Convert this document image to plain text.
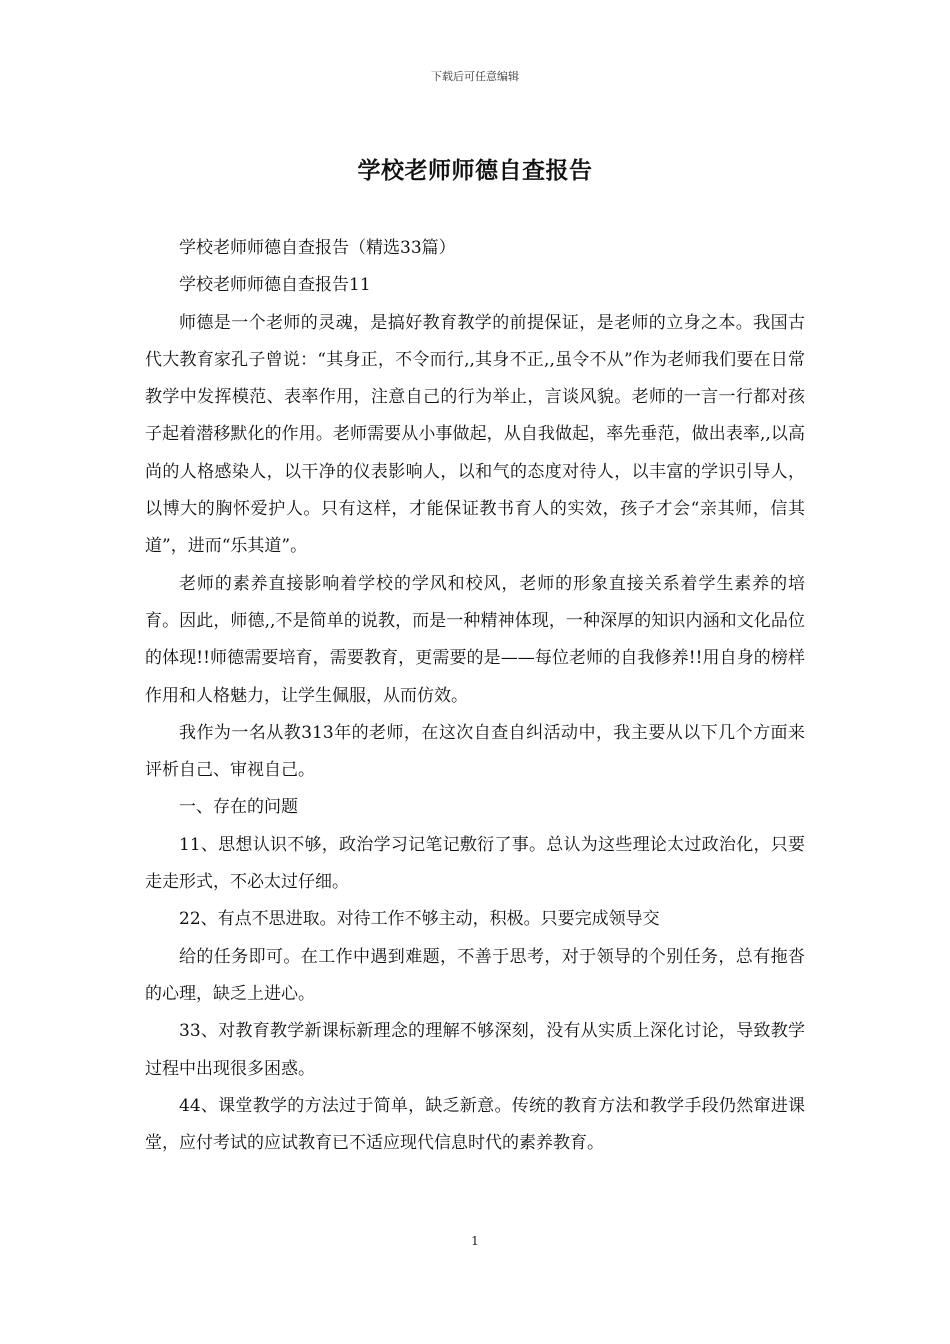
下载后可任意编辑
学校老师师德自查报告

学校老师师德自查报告（精选33篇）

学校老师师德自查报告11

师德是一个老师的灵魂，是搞好教育教学的前提保证，是老师的立身之本。我国古代大教育家孔子曾说：“其身正，不令而行,,其身不正,,虽令不从”作为老师我们要在日常教学中发挥模范、表率作用，注意自己的行为举止，言谈风貌。老师的一言一行都对孩子起着潜移默化的作用。老师需要从小事做起，从自我做起，率先垂范，做出表率,,以高尚的人格感染人，以干净的仪表影响人，以和气的态度对待人，以丰富的学识引导人，以博大的胸怀爱护人。只有这样，才能保证教书育人的实效，孩子才会“亲其师，信其道”，进而“乐其道”。

老师的素养直接影响着学校的学风和校风，老师的形象直接关系着学生素养的培育。因此，师德,,不是简单的说教，而是一种精神体现，一种深厚的知识内涵和文化品位的体现!!师德需要培育，需要教育，更需要的是——每位老师的自我修养!!用自身的榜样作用和人格魅力，让学生佩服，从而仿效。

我作为一名从教313年的老师，在这次自查自纠活动中，我主要从以下几个方面来评析自己、审视自己。

一、存在的问题

11、思想认识不够，政治学习记笔记敷衍了事。总认为这些理论太过政治化，只要走走形式，不必太过仔细。

22、有点不思进取。对待工作不够主动，积极。只要完成领导交

给的任务即可。在工作中遇到难题，不善于思考，对于领导的个别任务，总有拖沓的心理，缺乏上进心。

33、对教育教学新课标新理念的理解不够深刻，没有从实质上深化讨论，导致教学过程中出现很多困惑。

44、课堂教学的方法过于简单，缺乏新意。传统的教育方法和教学手段仍然窜进课堂，应付考试的应试教育已不适应现代信息时代的素养教育。

1
